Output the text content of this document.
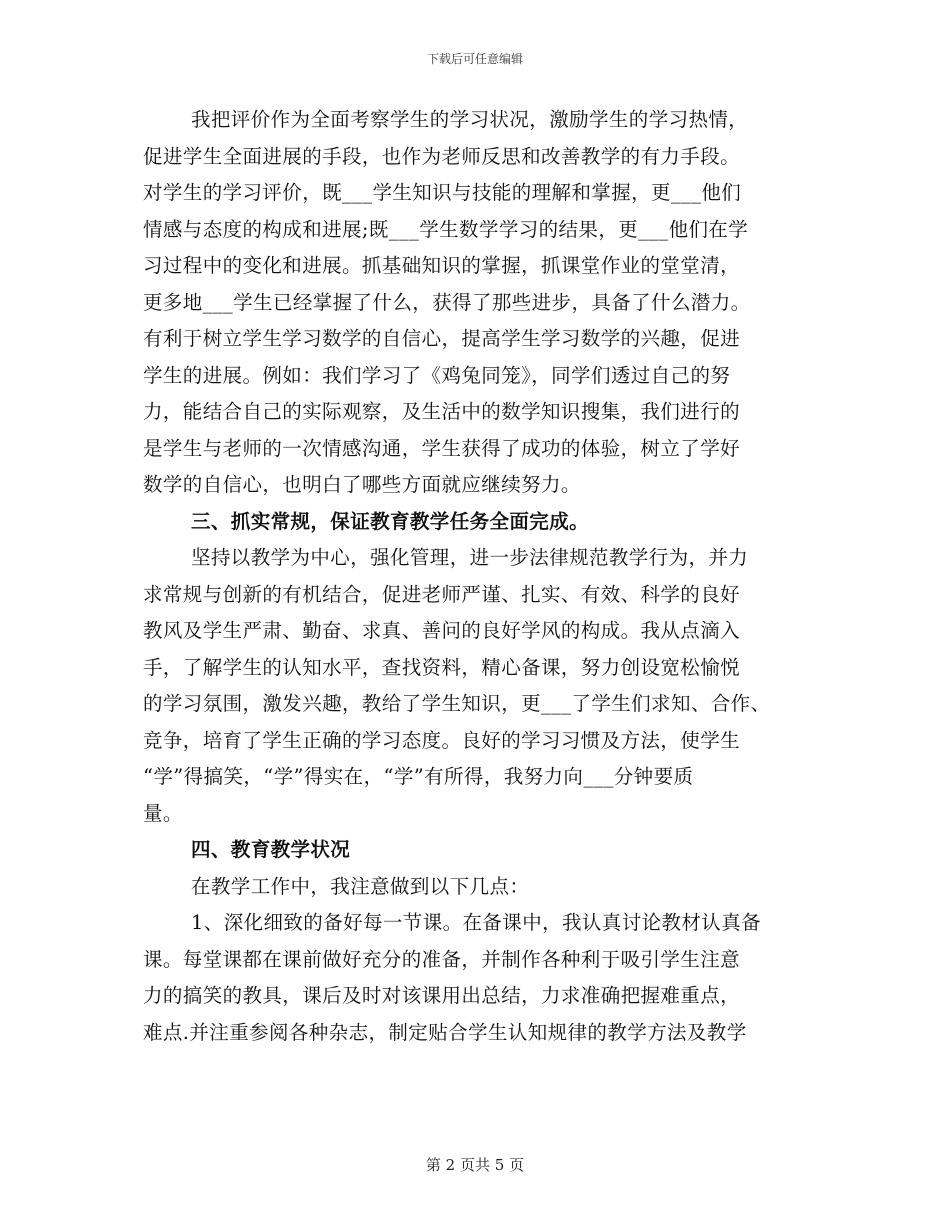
下载后可任意编辑
我把评价作为全面考察学生的学习状况，激励学生的学习热情，
促进学生全面进展的手段，也作为老师反思和改善教学的有力手段。
对学生的学习评价，既___学生知识与技能的理解和掌握，更___他们
情感与态度的构成和进展;既___学生数学学习的结果，更___他们在学
习过程中的变化和进展。抓基础知识的掌握，抓课堂作业的堂堂清，
更多地___学生已经掌握了什么，获得了那些进步，具备了什么潜力。
有利于树立学生学习数学的自信心，提高学生学习数学的兴趣，促进
学生的进展。例如：我们学习了《鸡兔同笼》，同学们透过自己的努
力，能结合自己的实际观察，及生活中的数学知识搜集，我们进行的
是学生与老师的一次情感沟通，学生获得了成功的体验，树立了学好
数学的自信心，也明白了哪些方面就应继续努力。
三、抓实常规，保证教育教学任务全面完成。
坚持以教学为中心，强化管理，进一步法律规范教学行为，并力
求常规与创新的有机结合，促进老师严谨、扎实、有效、科学的良好
教风及学生严肃、勤奋、求真、善问的良好学风的构成。我从点滴入
手，了解学生的认知水平，查找资料，精心备课，努力创设宽松愉悦
的学习氛围，激发兴趣，教给了学生知识，更___了学生们求知、合作、
竞争，培育了学生正确的学习态度。良好的学习习惯及方法，使学生
“学”得搞笑，“学”得实在，“学”有所得，我努力向___分钟要质
量。
四、教育教学状况
在教学工作中，我注意做到以下几点：
1、深化细致的备好每一节课。在备课中，我认真讨论教材认真备
课。每堂课都在课前做好充分的准备，并制作各种利于吸引学生注意
力的搞笑的教具，课后及时对该课用出总结，力求准确把握难重点，
难点.并注重参阅各种杂志，制定贴合学生认知规律的教学方法及教学
第 2 页共 5 页
